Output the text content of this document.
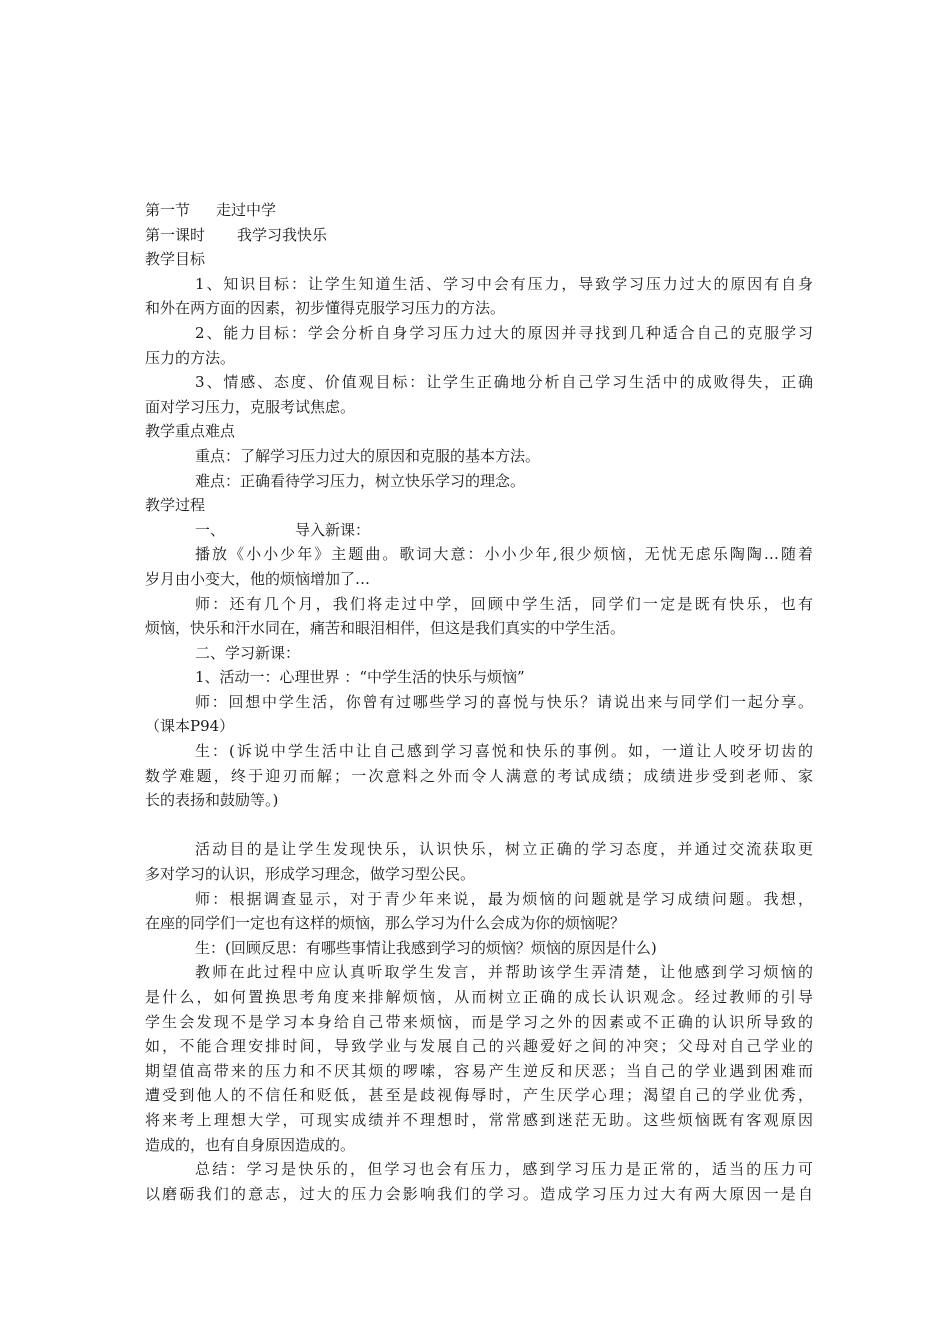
第一节 走过中学
第一课时 我学习我快乐
教学目标
1、知识目标：让学生知道生活、学习中会有压力，导致学习压力过大的原因有自身
和外在两方面的因素，初步懂得克服学习压力的方法。
2、能力目标：学会分析自身学习压力过大的原因并寻找到几种适合自己的克服学习
压力的方法。
3、情感、态度、价值观目标：让学生正确地分析自己学习生活中的成败得失，正确
面对学习压力，克服考试焦虑。
教学重点难点
重点：了解学习压力过大的原因和克服的基本方法。
难点：正确看待学习压力，树立快乐学习的理念。
教学过程
一、	导入新课：
播放《小小少年》主题曲。歌词大意：小小少年,很少烦恼，无忧无虑乐陶陶…随着
岁月由小变大，他的烦恼增加了…
师：还有几个月，我们将走过中学，回顾中学生活，同学们一定是既有快乐，也有
烦恼，快乐和汗水同在，痛苦和眼泪相伴，但这是我们真实的中学生活。
二、学习新课：
1、活动一：心理世界 ：“中学生活的快乐与烦恼”
师：回想中学生活，你曾有过哪些学习的喜悦与快乐？请说出来与同学们一起分享。
（课本P94）
生：(诉说中学生活中让自己感到学习喜悦和快乐的事例。如，一道让人咬牙切齿的
数学难题，终于迎刃而解；一次意料之外而令人满意的考试成绩；成绩进步受到老师、家
长的表扬和鼓励等。)
活动目的是让学生发现快乐，认识快乐，树立正确的学习态度，并通过交流获取更
多对学习的认识，形成学习理念，做学习型公民。
师：根据调查显示，对于青少年来说，最为烦恼的问题就是学习成绩问题。我想，
在座的同学们一定也有这样的烦恼，那么学习为什么会成为你的烦恼呢？
生：(回顾反思：有哪些事情让我感到学习的烦恼？烦恼的原因是什么)
教师在此过程中应认真听取学生发言，并帮助该学生弄清楚，让他感到学习烦恼的
是什么，如何置换思考角度来排解烦恼，从而树立正确的成长认识观念。经过教师的引导
学生会发现不是学习本身给自己带来烦恼，而是学习之外的因素或不正确的认识所导致的
如，不能合理安排时间，导致学业与发展自己的兴趣爱好之间的冲突；父母对自己学业的
期望值高带来的压力和不厌其烦的啰嗦，容易产生逆反和厌恶；当自己的学业遇到困难而
遭受到他人的不信任和贬低，甚至是歧视侮辱时，产生厌学心理；渴望自己的学业优秀，
将来考上理想大学，可现实成绩并不理想时，常常感到迷茫无助。这些烦恼既有客观原因
造成的，也有自身原因造成的。
总结：学习是快乐的，但学习也会有压力，感到学习压力是正常的，适当的压力可
以磨砺我们的意志，过大的压力会影响我们的学习。造成学习压力过大有两大原因一是自
